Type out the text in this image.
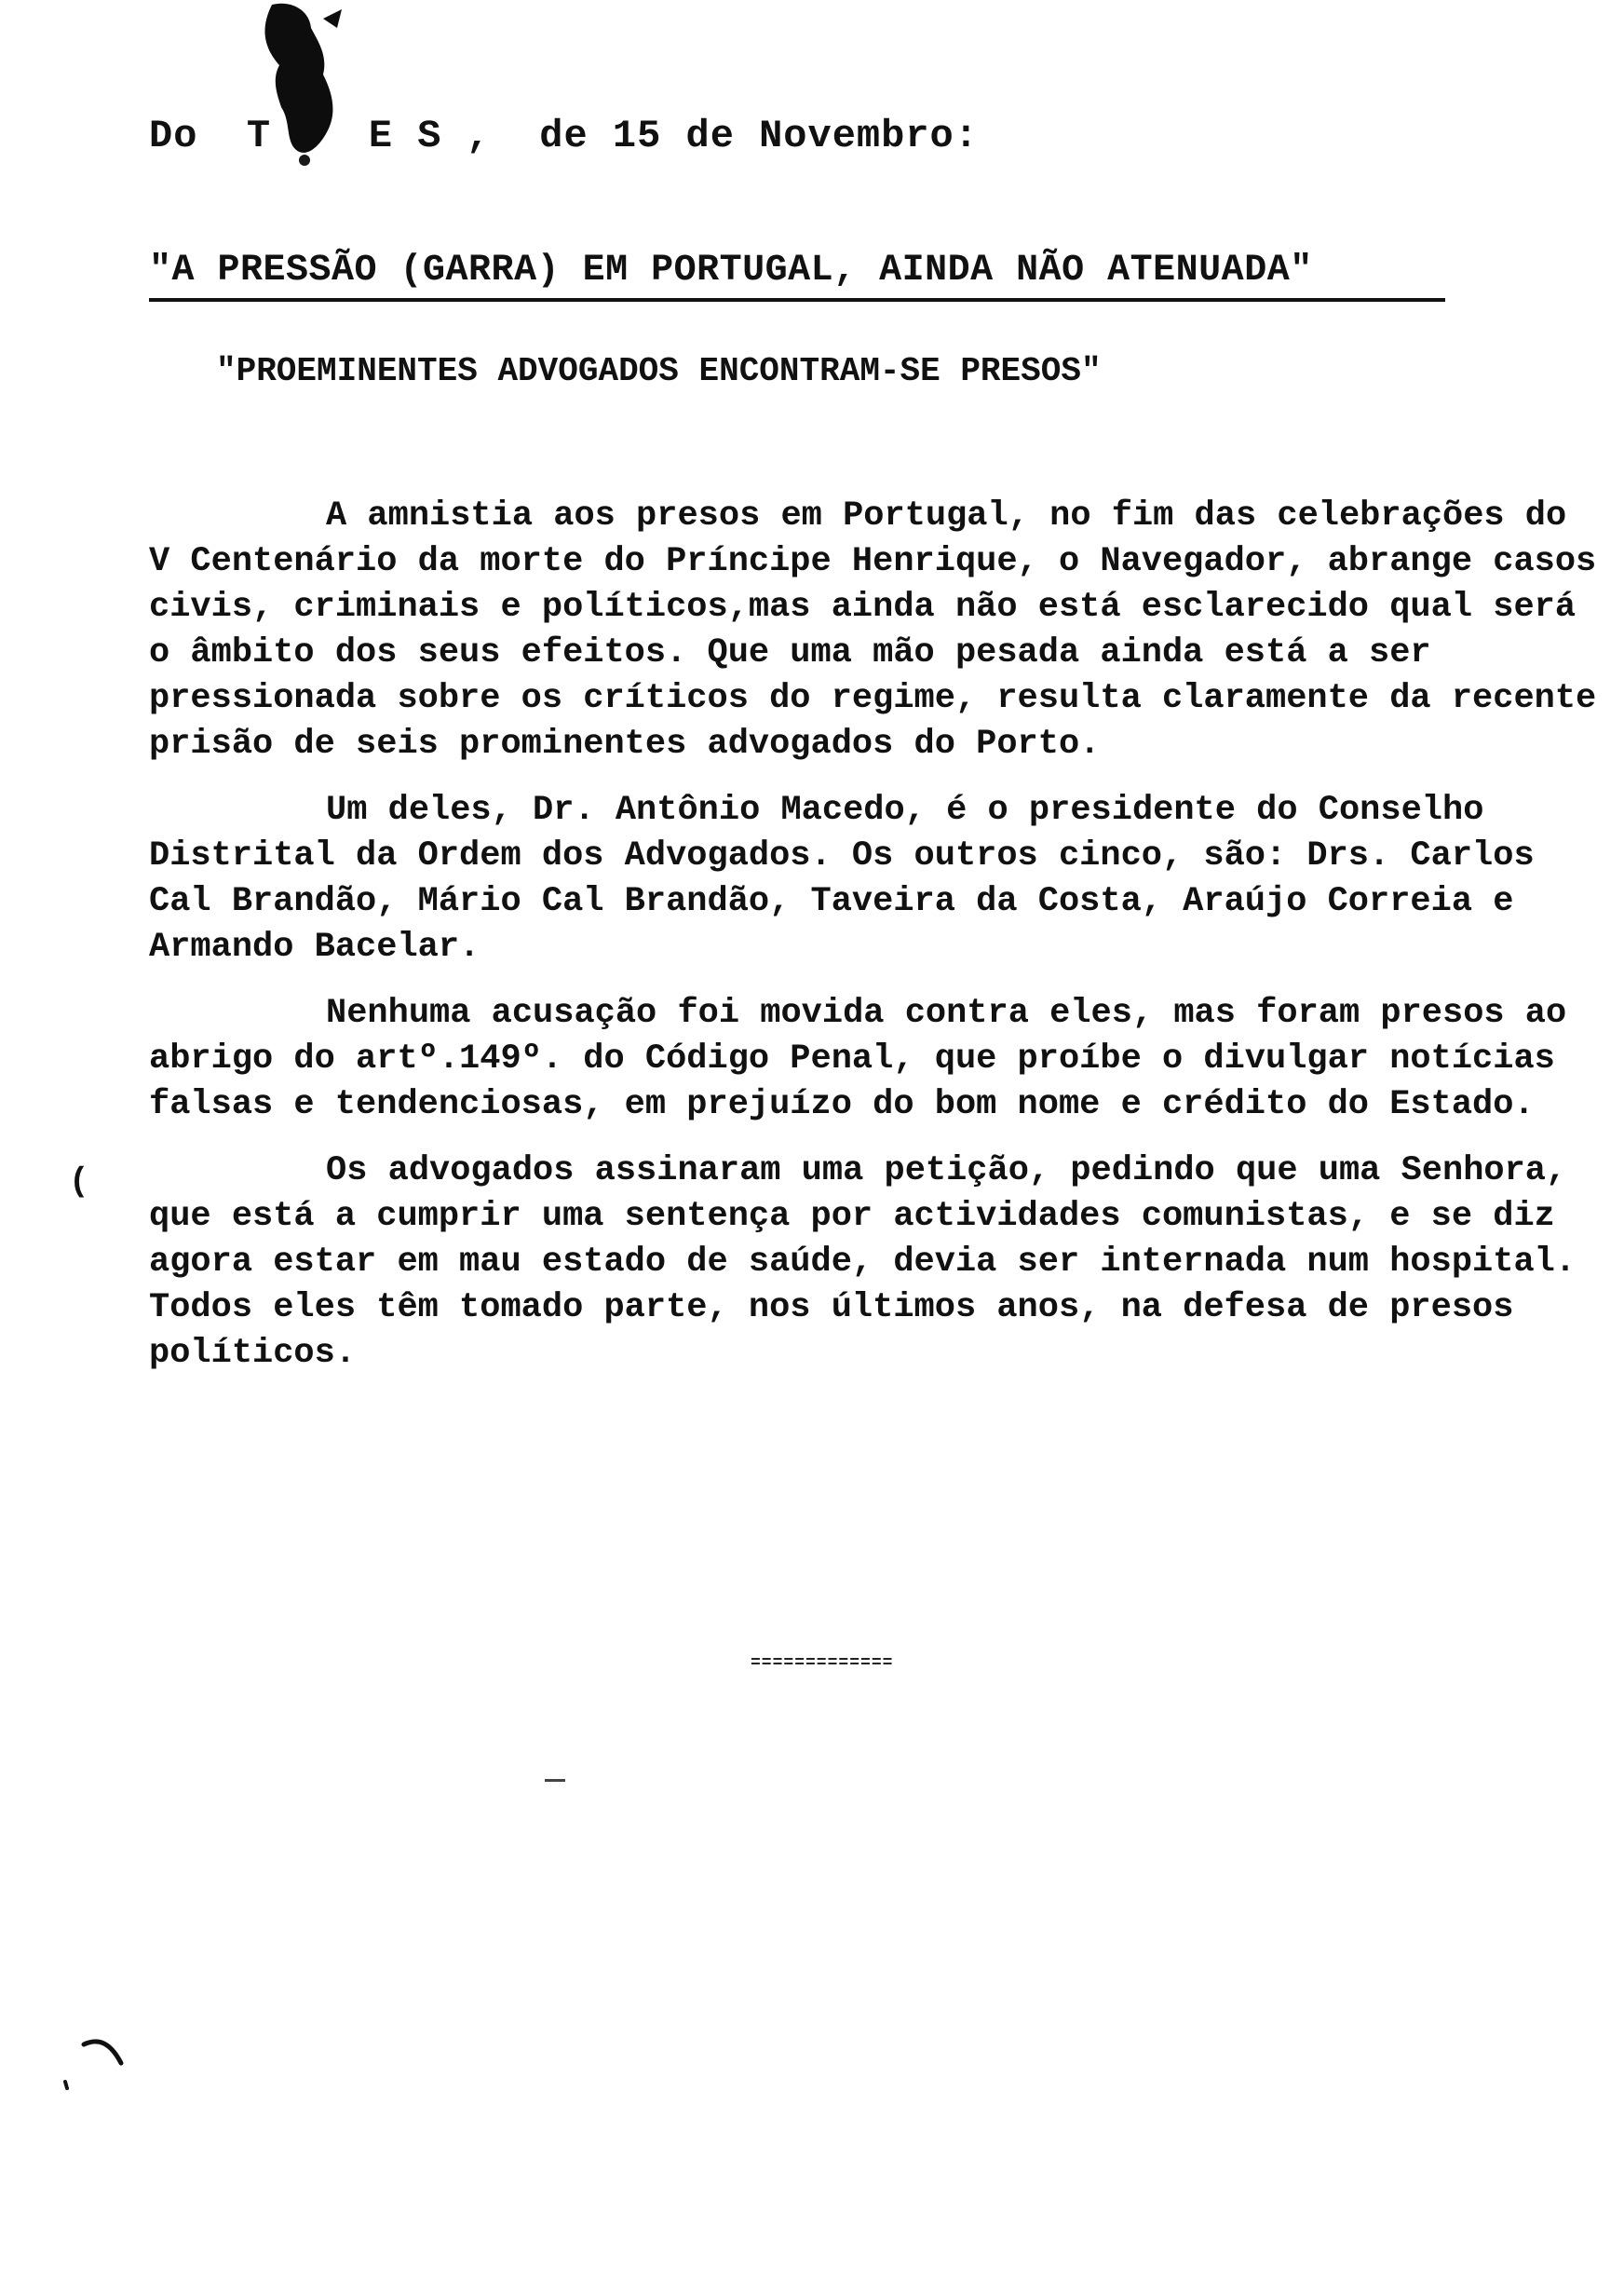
Do  T    E S ,  de 15 de Novembro:
"A PRESSÃO (GARRA) EM PORTUGAL, AINDA NÃO ATENUADA"
"PROEMINENTES ADVOGADOS ENCONTRAM-SE PRESOS"

A amnistia aos presos em Portugal, no fim das celebrações do V Centenário da morte do Príncipe Henrique, o Navegador, abrange casos civis, criminais e políticos,mas ainda não está esclarecido qual será o âmbito dos seus efeitos. Que uma mão pesada ainda está a ser pressionada sobre os críticos do regime, resulta claramente da recente prisão de seis prominentes advogados do Porto.

Um deles, Dr. Antônio Macedo, é o presidente do Conselho Distrital da Ordem dos Advogados. Os outros cinco, são: Drs. Carlos Cal Brandão, Mário Cal Brandão, Taveira da Costa, Araújo Correia e Armando Bacelar.

Nenhuma acusação foi movida contra eles, mas foram presos ao abrigo do artº.149º. do Código Penal, que proíbe o divulgar notícias falsas e tendenciosas, em prejuízo do bom nome e crédito do Estado.

Os advogados assinaram uma petição, pedindo que uma Senhora, que está a cumprir uma sentença por actividades comunistas, e se diz agora estar em mau estado de saúde, devia ser internada num hospital. Todos eles têm tomado parte, nos últimos anos, na defesa de presos políticos.

(
=============
